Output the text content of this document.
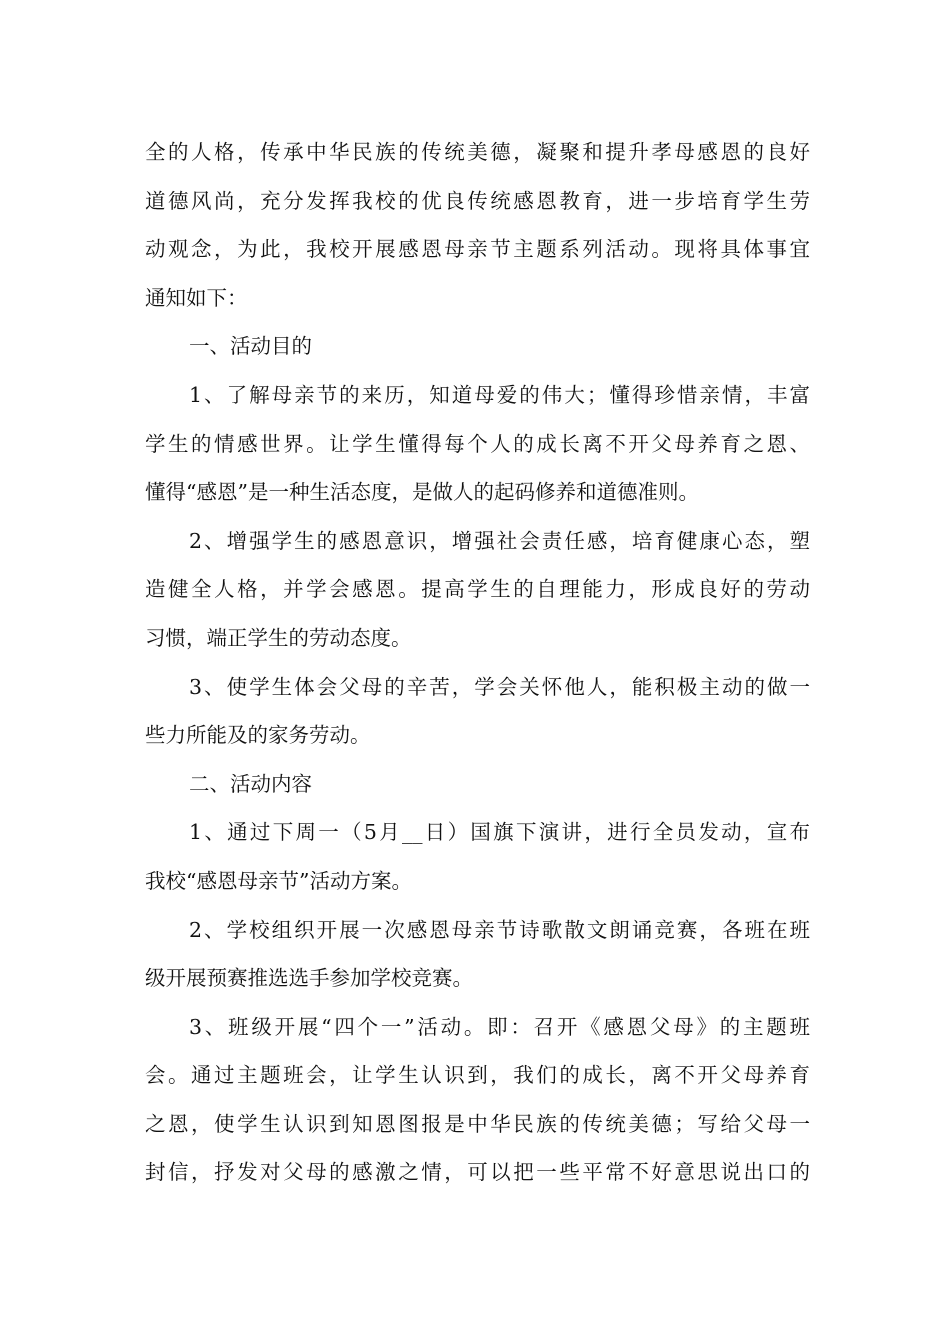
全的人格，传承中华民族的传统美德，凝聚和提升孝母感恩的良好
道德风尚，充分发挥我校的优良传统感恩教育，进一步培育学生劳
动观念，为此，我校开展感恩母亲节主题系列活动。现将具体事宜
通知如下：
一、活动目的
1、了解母亲节的来历，知道母爱的伟大；懂得珍惜亲情，丰富
学生的情感世界。让学生懂得每个人的成长离不开父母养育之恩、
懂得“感恩”是一种生活态度，是做人的起码修养和道德准则。
2、增强学生的感恩意识，增强社会责任感，培育健康心态，塑
造健全人格，并学会感恩。提高学生的自理能力，形成良好的劳动
习惯，端正学生的劳动态度。
3、使学生体会父母的辛苦，学会关怀他人，能积极主动的做一
些力所能及的家务劳动。
二、活动内容
1、通过下周一（5月__日）国旗下演讲，进行全员发动，宣布
我校“感恩母亲节”活动方案。
2、学校组织开展一次感恩母亲节诗歌散文朗诵竞赛，各班在班
级开展预赛推选选手参加学校竞赛。
3、班级开展“四个一”活动。即：召开《感恩父母》的主题班
会。通过主题班会，让学生认识到，我们的成长，离不开父母养育
之恩，使学生认识到知恩图报是中华民族的传统美德；写给父母一
封信，抒发对父母的感激之情，可以把一些平常不好意思说出口的
